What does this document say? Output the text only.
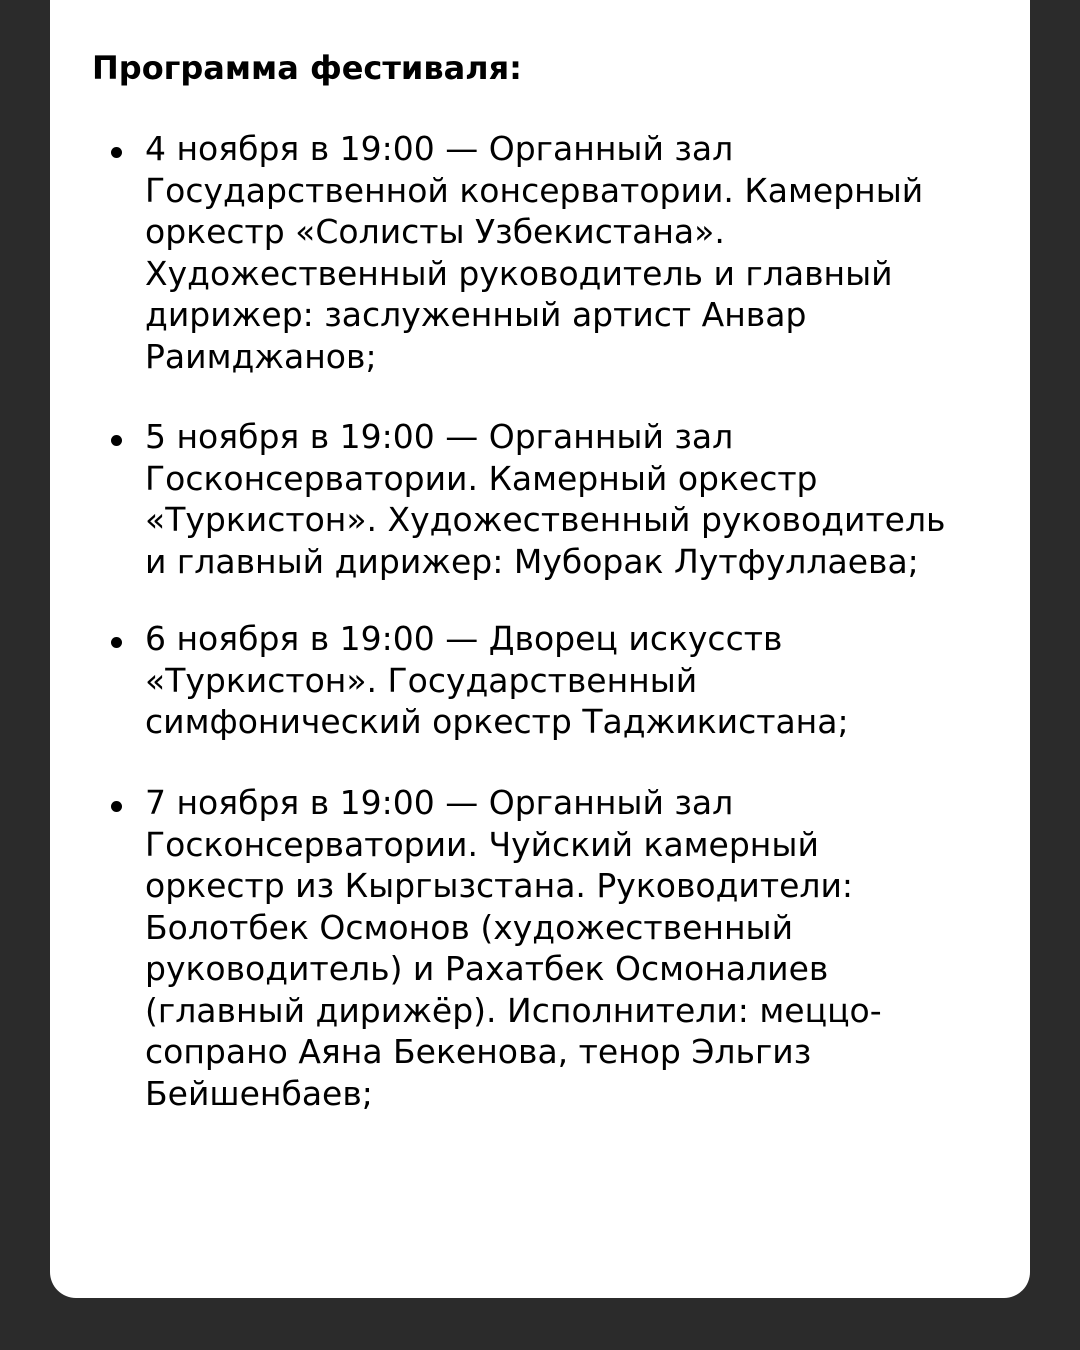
Программа фестиваля:

4 ноября в 19:00 — Органный зал
Государственной консерватории. Камерный
оркестр «Солисты Узбекистана».
Художественный руководитель и главный
дирижер: заслуженный артист Анвар
Раимджанов;

5 ноября в 19:00 — Органный зал
Госконсерватории. Камерный оркестр
«Туркистон». Художественный руководитель
и главный дирижер: Муборак Лутфуллаева;

6 ноября в 19:00 — Дворец искусств
«Туркистон». Государственный
симфонический оркестр Таджикистана;

7 ноября в 19:00 — Органный зал
Госконсерватории. Чуйский камерный
оркестр из Кыргызстана. Руководители:
Болотбек Осмонов (художественный
руководитель) и Рахатбек Осмоналиев
(главный дирижёр). Исполнители: меццо-
сопрано Аяна Бекенова, тенор Эльгиз
Бейшенбаев;
